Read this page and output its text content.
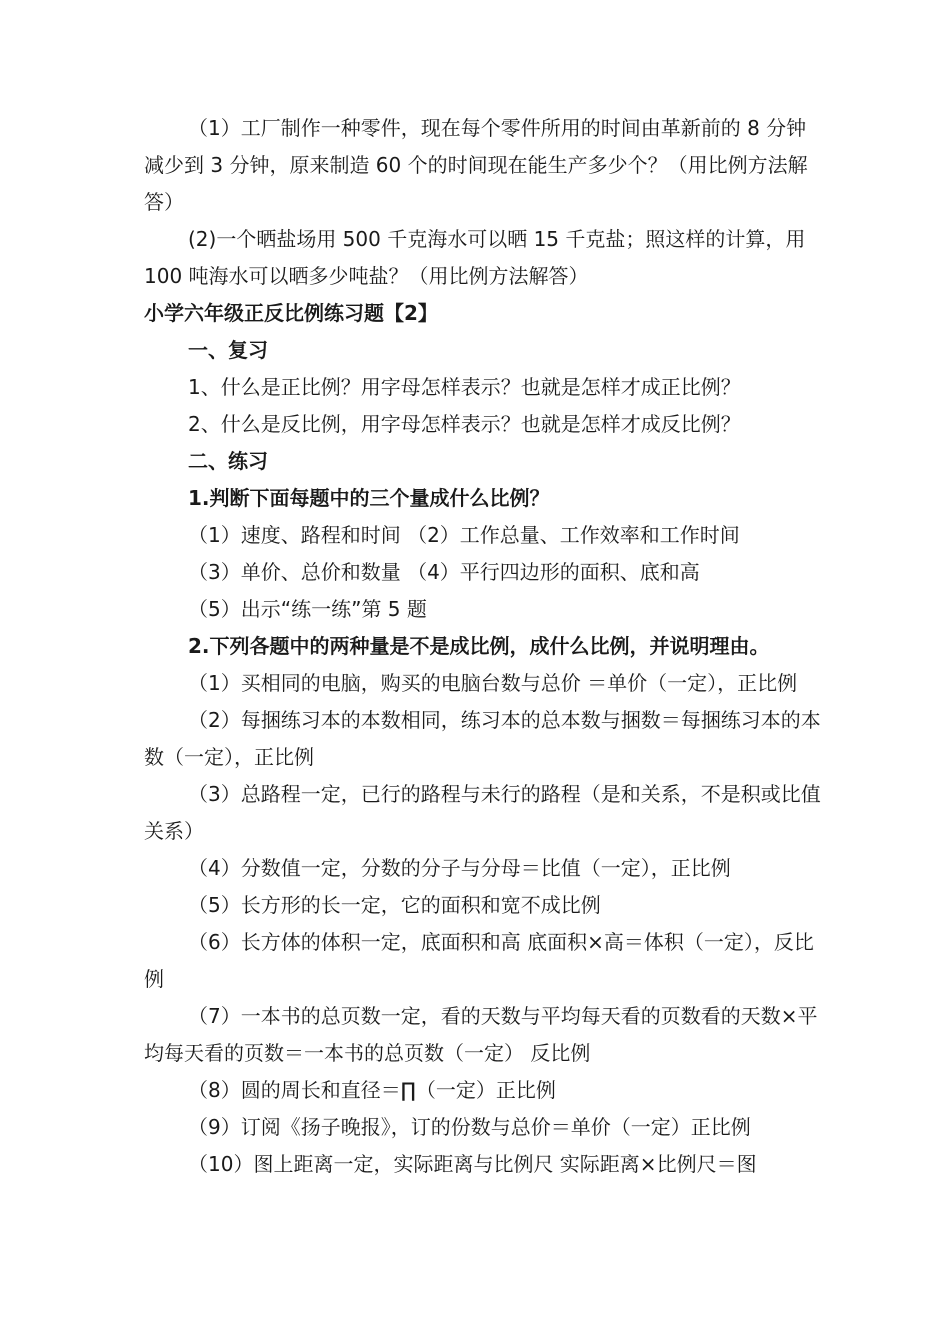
（1）工厂制作一种零件，现在每个零件所用的时间由革新前的 8 分钟减少到 3 分钟，原来制造 60 个的时间现在能生产多少个？（用比例方法解答）

(2)一个晒盐场用 500 千克海水可以晒 15 千克盐；照这样的计算，用 100 吨海水可以晒多少吨盐？（用比例方法解答）

小学六年级正反比例练习题【2】

一、复习

1、什么是正比例？用字母怎样表示？也就是怎样才成正比例？

2、什么是反比例，用字母怎样表示？也就是怎样才成反比例？

二、练习

1.判断下面每题中的三个量成什么比例？

（1）速度、路程和时间 （2）工作总量、工作效率和工作时间

（3）单价、总价和数量 （4）平行四边形的面积、底和高

（5）出示“练一练”第 5 题

2.下列各题中的两种量是不是成比例，成什么比例，并说明理由。

（1）买相同的电脑，购买的电脑台数与总价 ＝单价（一定），正比例

（2）每捆练习本的本数相同，练习本的总本数与捆数＝每捆练习本的本数（一定），正比例

（3）总路程一定，已行的路程与未行的路程（是和关系，不是积或比值关系）

（4）分数值一定，分数的分子与分母＝比值（一定），正比例

（5）长方形的长一定，它的面积和宽不成比例

（6）长方体的体积一定，底面积和高 底面积×高＝体积（一定），反比例

（7）一本书的总页数一定，看的天数与平均每天看的页数看的天数×平均每天看的页数＝一本书的总页数（一定） 反比例

（8）圆的周长和直径＝∏（一定）正比例

（9）订阅《扬子晚报》，订的份数与总价＝单价（一定）正比例

（10）图上距离一定，实际距离与比例尺 实际距离×比例尺＝图
